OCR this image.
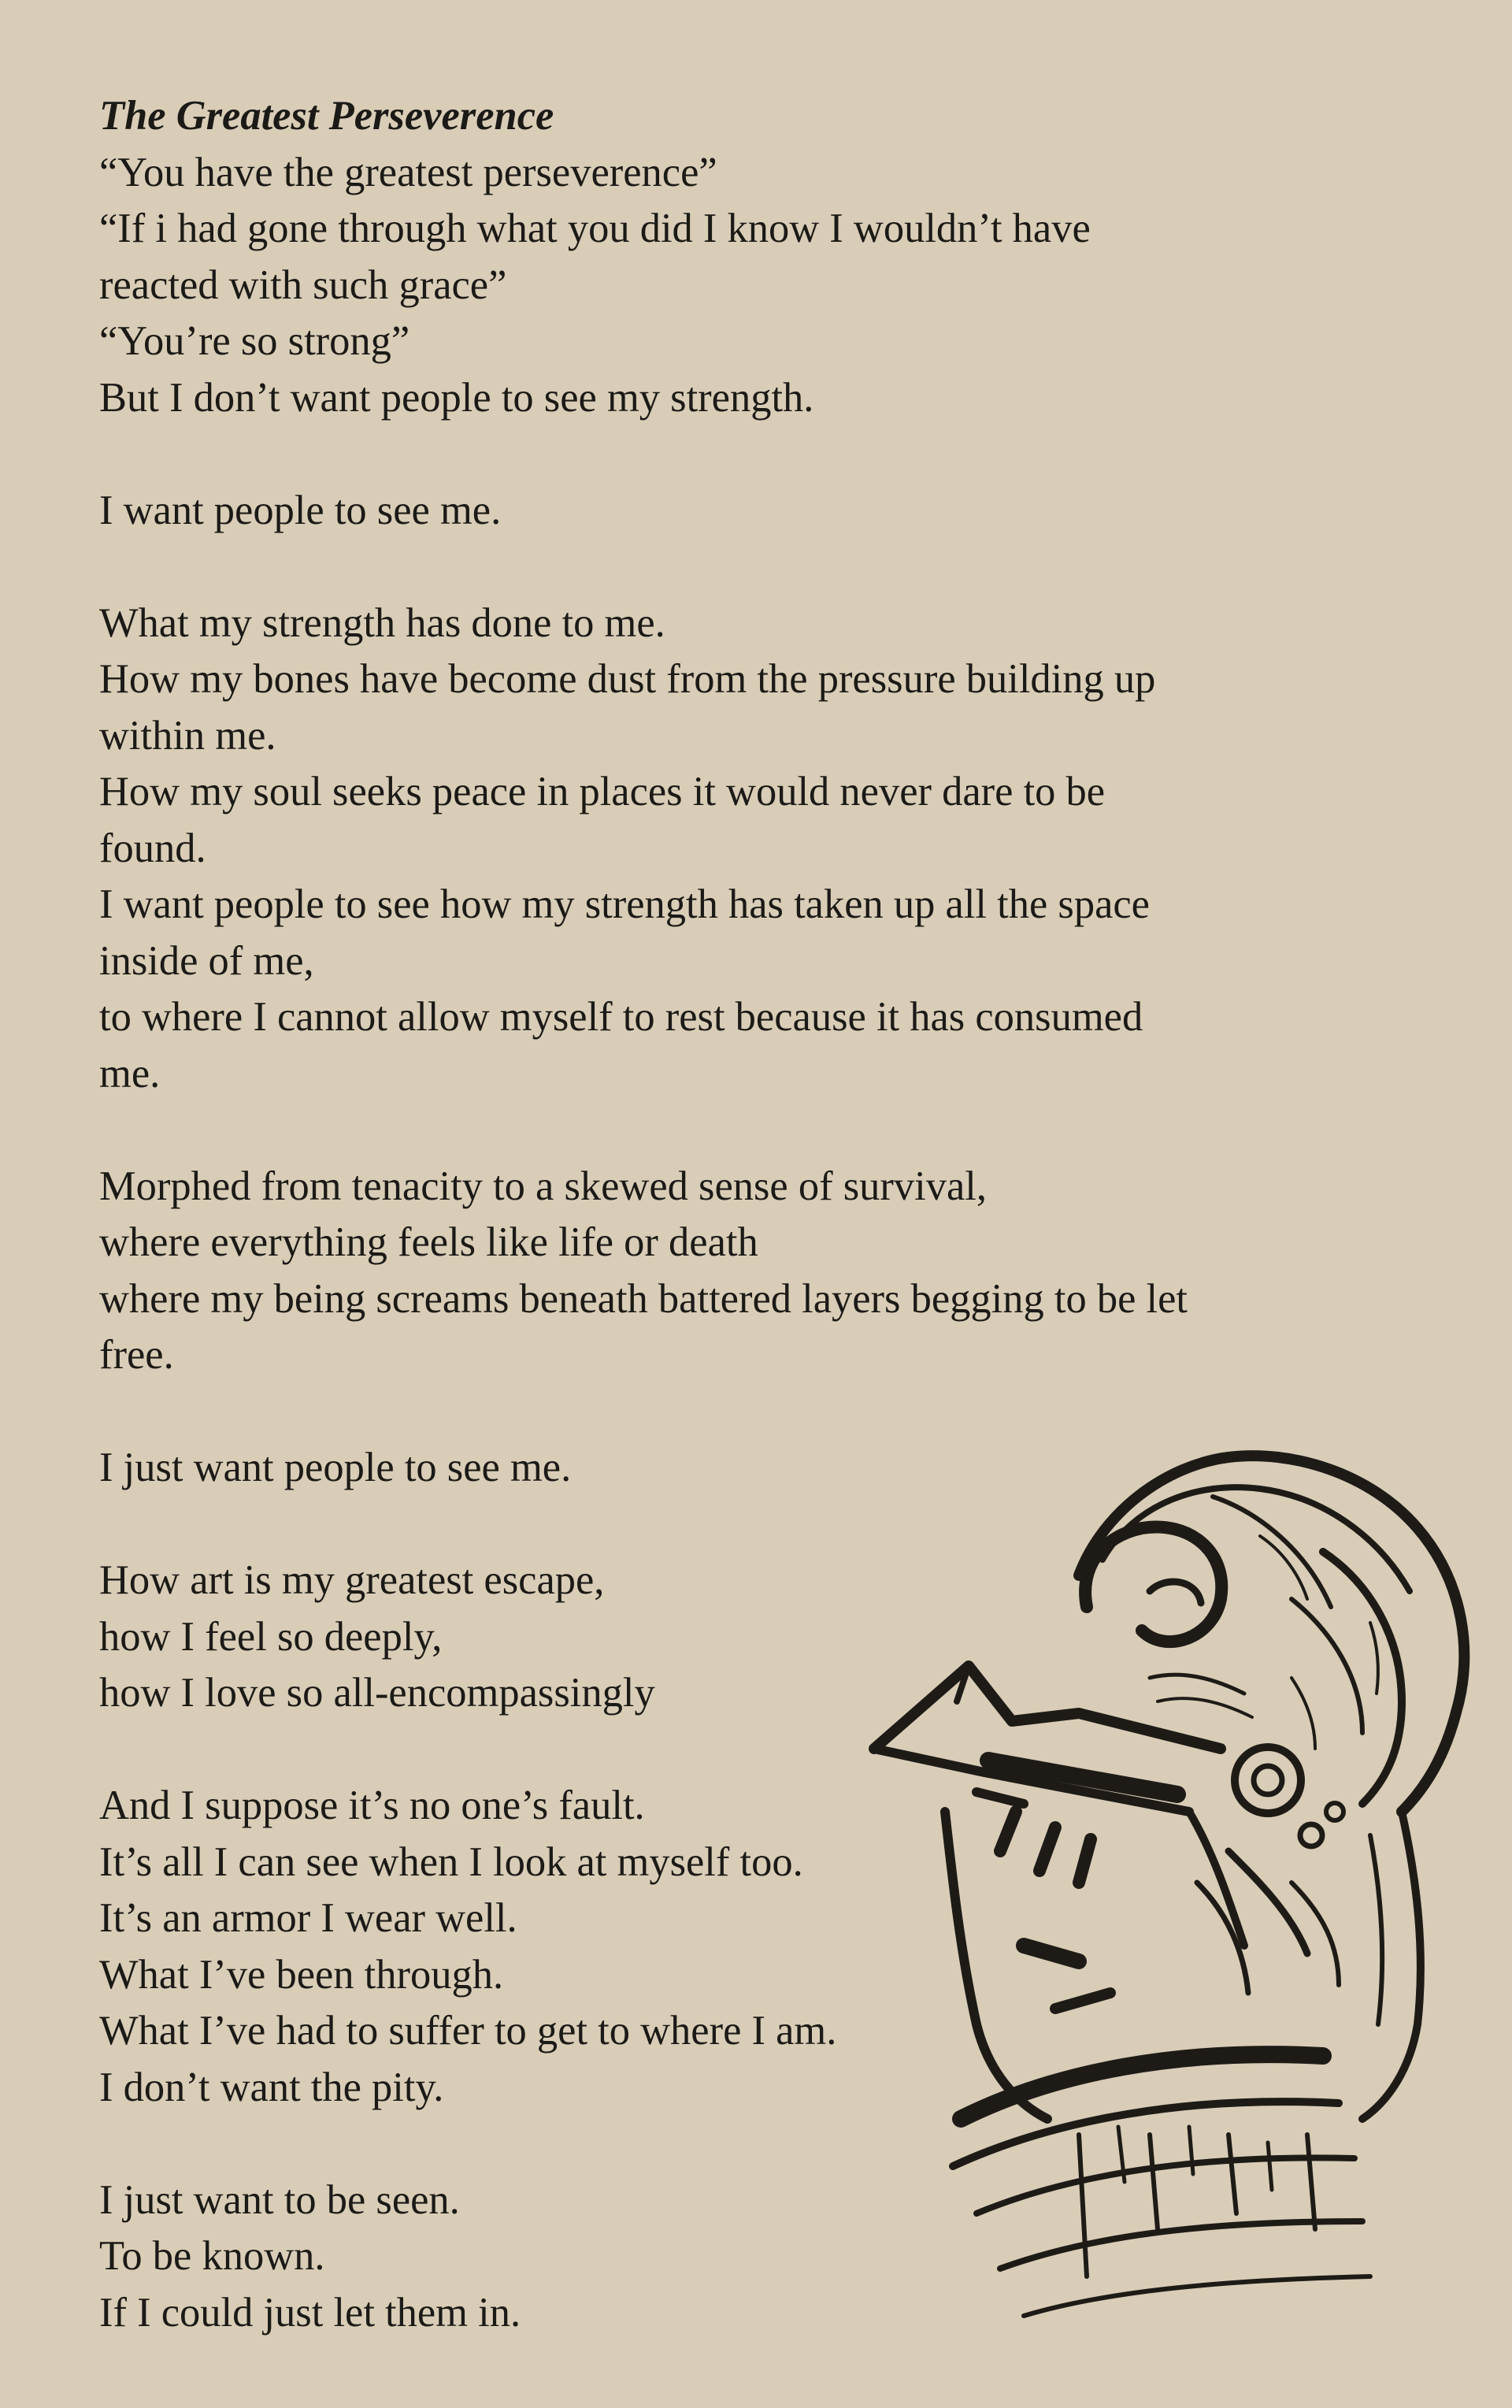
The Greatest Perseverence
“You have the greatest perseverence”
“If i had gone through what you did I know I wouldn’t have
reacted with such grace”
“You’re so strong”
But I don’t want people to see my strength.
I want people to see me.
What my strength has done to me.
How my bones have become dust from the pressure building up
within me.
How my soul seeks peace in places it would never dare to be
found.
I want people to see how my strength has taken up all the space
inside of me,
to where I cannot allow myself to rest because it has consumed
me.
Morphed from tenacity to a skewed sense of survival,
where everything feels like life or death
where my being screams beneath battered layers begging to be let
free.
I just want people to see me.
How art is my greatest escape,
how I feel so deeply,
how I love so all-encompassingly
And I suppose it’s no one’s fault.
It’s all I can see when I look at myself too.
It’s an armor I wear well.
What I’ve been through.
What I’ve had to suffer to get to where I am.
I don’t want the pity.
I just want to be seen.
To be known.
If I could just let them in.
